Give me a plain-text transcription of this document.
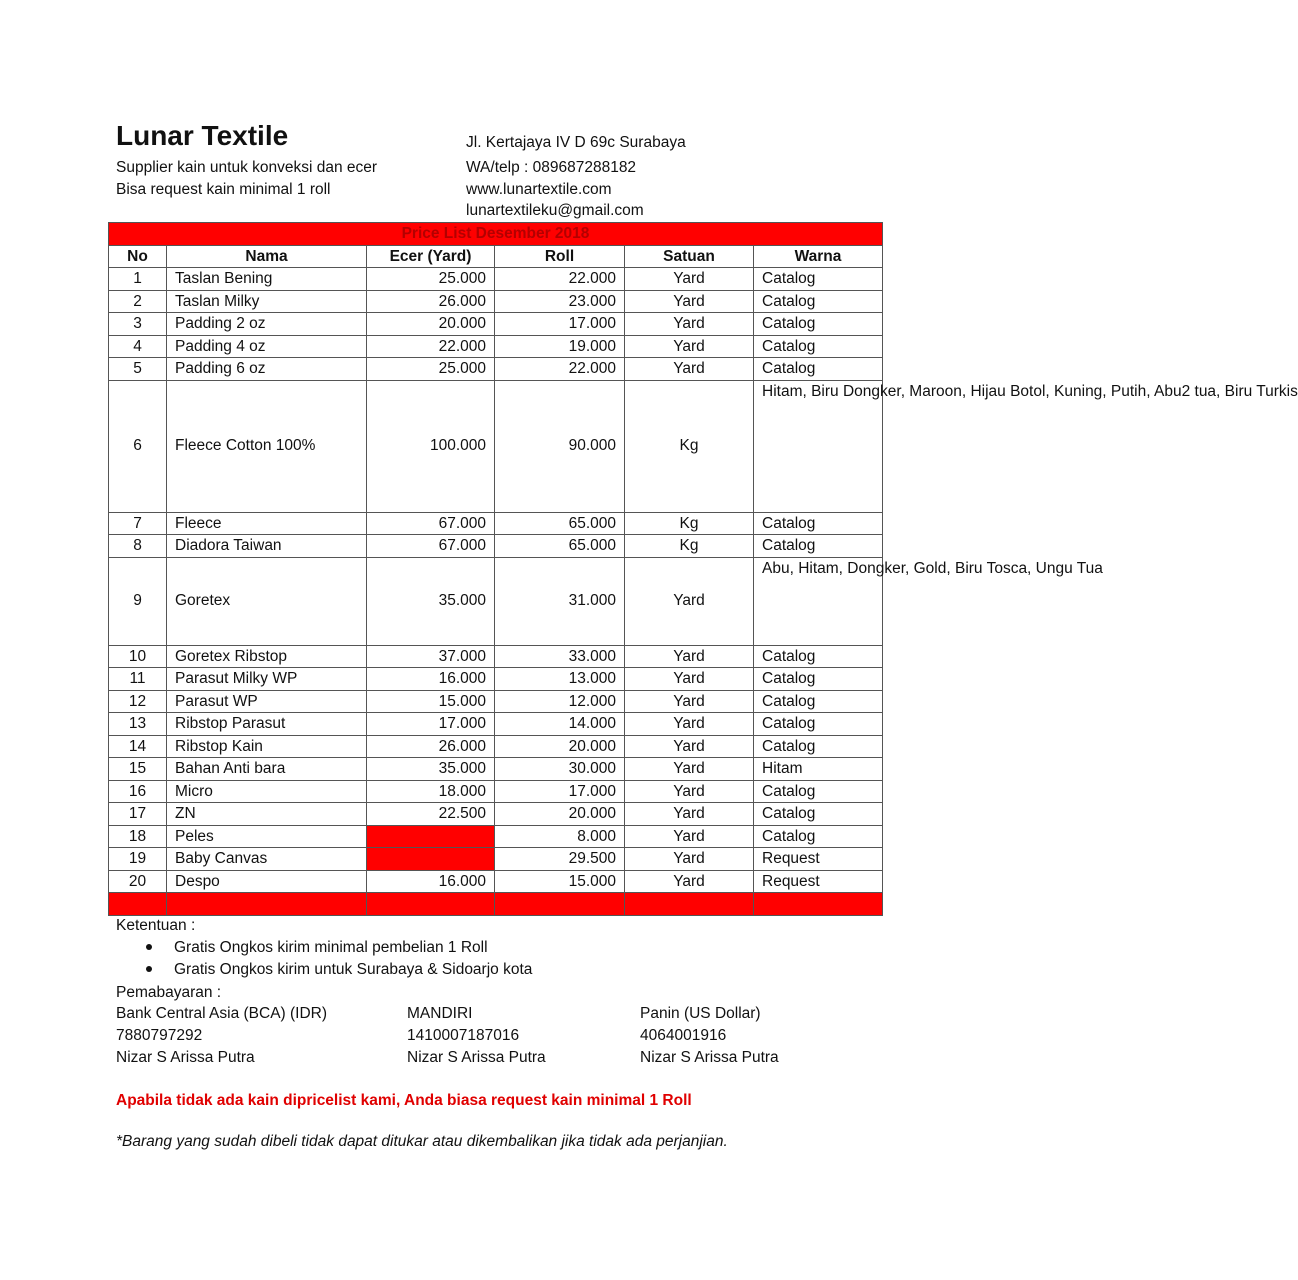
Lunar Textile
Supplier kain untuk konveksi dan ecer
Bisa request kain minimal 1 roll
Jl. Kertajaya IV D 69c Surabaya
WA/telp : 089687288182
www.lunartextile.com
lunartextileku@gmail.com
Price List Desember 2018					
No	Nama	Ecer (Yard)	Roll	Satuan	Warna
1	Taslan Bening	25.000	22.000	Yard	Catalog
2	Taslan Milky	26.000	23.000	Yard	Catalog
3	Padding 2 oz	20.000	17.000	Yard	Catalog
4	Padding 4 oz	22.000	19.000	Yard	Catalog
5	Padding 6 oz	25.000	22.000	Yard	Catalog
6	Fleece Cotton 100%	100.000	90.000	Kg	Hitam, Biru Dongker, Maroon, Hijau Botol, Kuning, Putih, Abu2 tua, Biru Turkis
7	Fleece	67.000	65.000	Kg	Catalog
8	Diadora Taiwan	67.000	65.000	Kg	Catalog
9	Goretex	35.000	31.000	Yard	Abu, Hitam, Dongker, Gold, Biru Tosca, Ungu Tua
10	Goretex Ribstop	37.000	33.000	Yard	Catalog
11	Parasut Milky WP	16.000	13.000	Yard	Catalog
12	Parasut WP	15.000	12.000	Yard	Catalog
13	Ribstop Parasut	17.000	14.000	Yard	Catalog
14	Ribstop Kain	26.000	20.000	Yard	Catalog
15	Bahan Anti bara	35.000	30.000	Yard	Hitam
16	Micro	18.000	17.000	Yard	Catalog
17	ZN	22.500	20.000	Yard	Catalog
18	Peles		8.000	Yard	Catalog
19	Baby Canvas		29.500	Yard	Request
20	Despo	16.000	15.000	Yard	Request

Ketentuan :
Gratis Ongkos kirim minimal pembelian 1 Roll
Gratis Ongkos kirim untuk Surabaya & Sidoarjo kota
Pemabayaran :
Bank Central Asia (BCA) (IDR)
7880797292
Nizar S Arissa Putra
MANDIRI
1410007187016
Nizar S Arissa Putra
Panin (US Dollar)
4064001916
Nizar S Arissa Putra
Apabila tidak ada kain dipricelist kami, Anda biasa request kain minimal 1 Roll
*Barang yang sudah dibeli tidak dapat ditukar atau dikembalikan jika tidak ada perjanjian.
